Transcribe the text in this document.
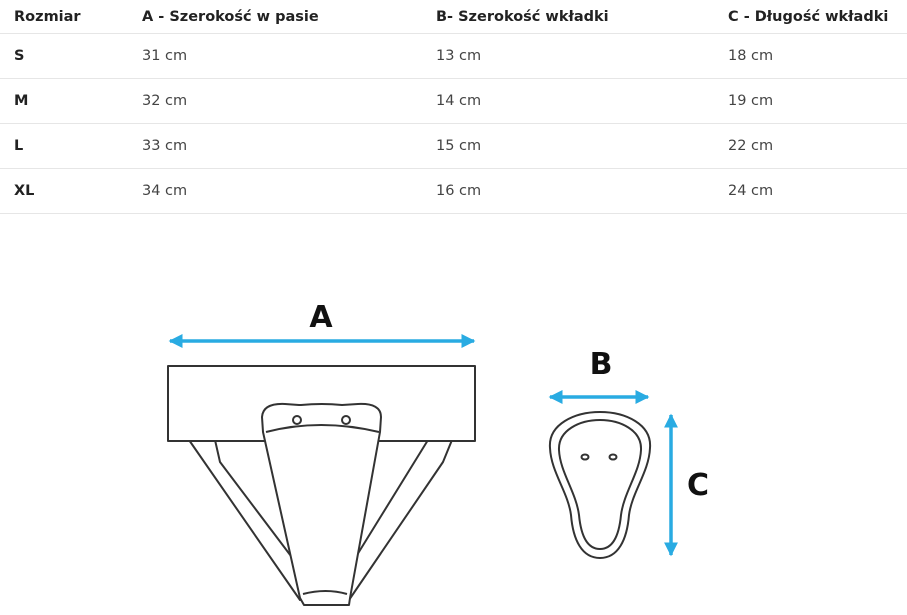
Rozmiar	A - Szerokość w pasie	B- Szerokość wkładki	C - Długość wkładki
S	31 cm	13 cm	18 cm
M	32 cm	14 cm	19 cm
L	33 cm	15 cm	22 cm
XL	34 cm	16 cm	24 cm
A
B
C
